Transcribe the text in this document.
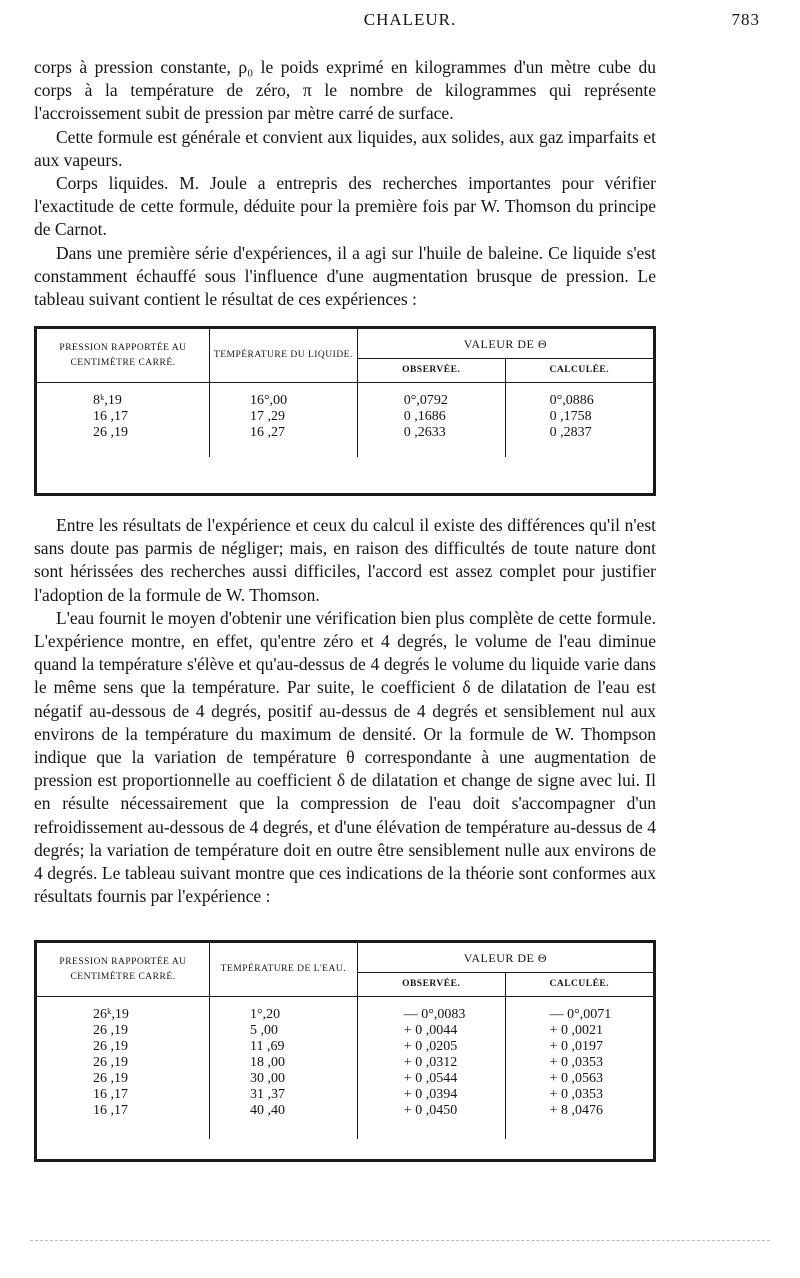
CHALEUR.	783

corps à pression constante, ρ₀ le poids exprimé en kilogrammes d'un mètre cube du corps à la température de zéro, π le nombre de kilogrammes qui représente l'accroissement subit de pression par mètre carré de surface.

Cette formule est générale et convient aux liquides, aux solides, aux gaz imparfaits et aux vapeurs.

Corps liquides. M. Joule a entrepris des recherches importantes pour vérifier l'exactitude de cette formule, déduite pour la première fois par W. Thomson du principe de Carnot.

Dans une première série d'expériences, il a agi sur l'huile de baleine. Ce liquide s'est constamment échauffé sous l'influence d'une augmentation brusque de pression. Le tableau suivant contient le résultat de ces expériences :

PRESSION RAPPORTÉE AU CENTIMÈTRE CARRÉ.	TEMPÉRATURE DU LIQUIDE.	VALEUR DE Θ	
		OBSERVÉE.	CALCULÉE.

8ᵏ,19	16°,00	0°,0792	0°,0886
16 ,17	17 ,29	0 ,1686	0 ,1758
26 ,19	16 ,27	0 ,2633	0 ,2837

Entre les résultats de l'expérience et ceux du calcul il existe des différences qu'il n'est sans doute pas parmis de négliger; mais, en raison des difficultés de toute nature dont sont hérissées des recherches aussi difficiles, l'accord est assez complet pour justifier l'adoption de la formule de W. Thomson.

L'eau fournit le moyen d'obtenir une vérification bien plus complète de cette formule. L'expérience montre, en effet, qu'entre zéro et 4 degrés, le volume de l'eau diminue quand la température s'élève et qu'au-dessus de 4 degrés le volume du liquide varie dans le même sens que la température. Par suite, le coefficient δ de dilatation de l'eau est négatif au-dessous de 4 degrés, positif au-dessus de 4 degrés et sensiblement nul aux environs de la température du maximum de densité. Or la formule de W. Thompson indique que la variation de température θ correspondante à une augmentation de pression est proportionnelle au coefficient δ de dilatation et change de signe avec lui. Il en résulte nécessairement que la compression de l'eau doit s'accompagner d'un refroidissement au-dessous de 4 degrés, et d'une élévation de température au-dessus de 4 degrés; la variation de température doit en outre être sensiblement nulle aux environs de 4 degrés. Le tableau suivant montre que ces indications de la théorie sont conformes aux résultats fournis par l'expérience :

PRESSION RAPPORTÉE AU CENTIMÈTRE CARRÉ.	TEMPÉRATURE DE L'EAU.	VALEUR DE Θ	
		OBSERVÉE.	CALCULÉE.

26ᵏ,19	1°,20	— 0°,0083	— 0°,0071
26 ,19	5 ,00	+ 0 ,0044	+ 0 ,0021
26 ,19	11 ,69	+ 0 ,0205	+ 0 ,0197
26 ,19	18 ,00	+ 0 ,0312	+ 0 ,0353
26 ,19	30 ,00	+ 0 ,0544	+ 0 ,0563
16 ,17	31 ,37	+ 0 ,0394	+ 0 ,0353
16 ,17	40 ,40	+ 0 ,0450	+ 8 ,0476
